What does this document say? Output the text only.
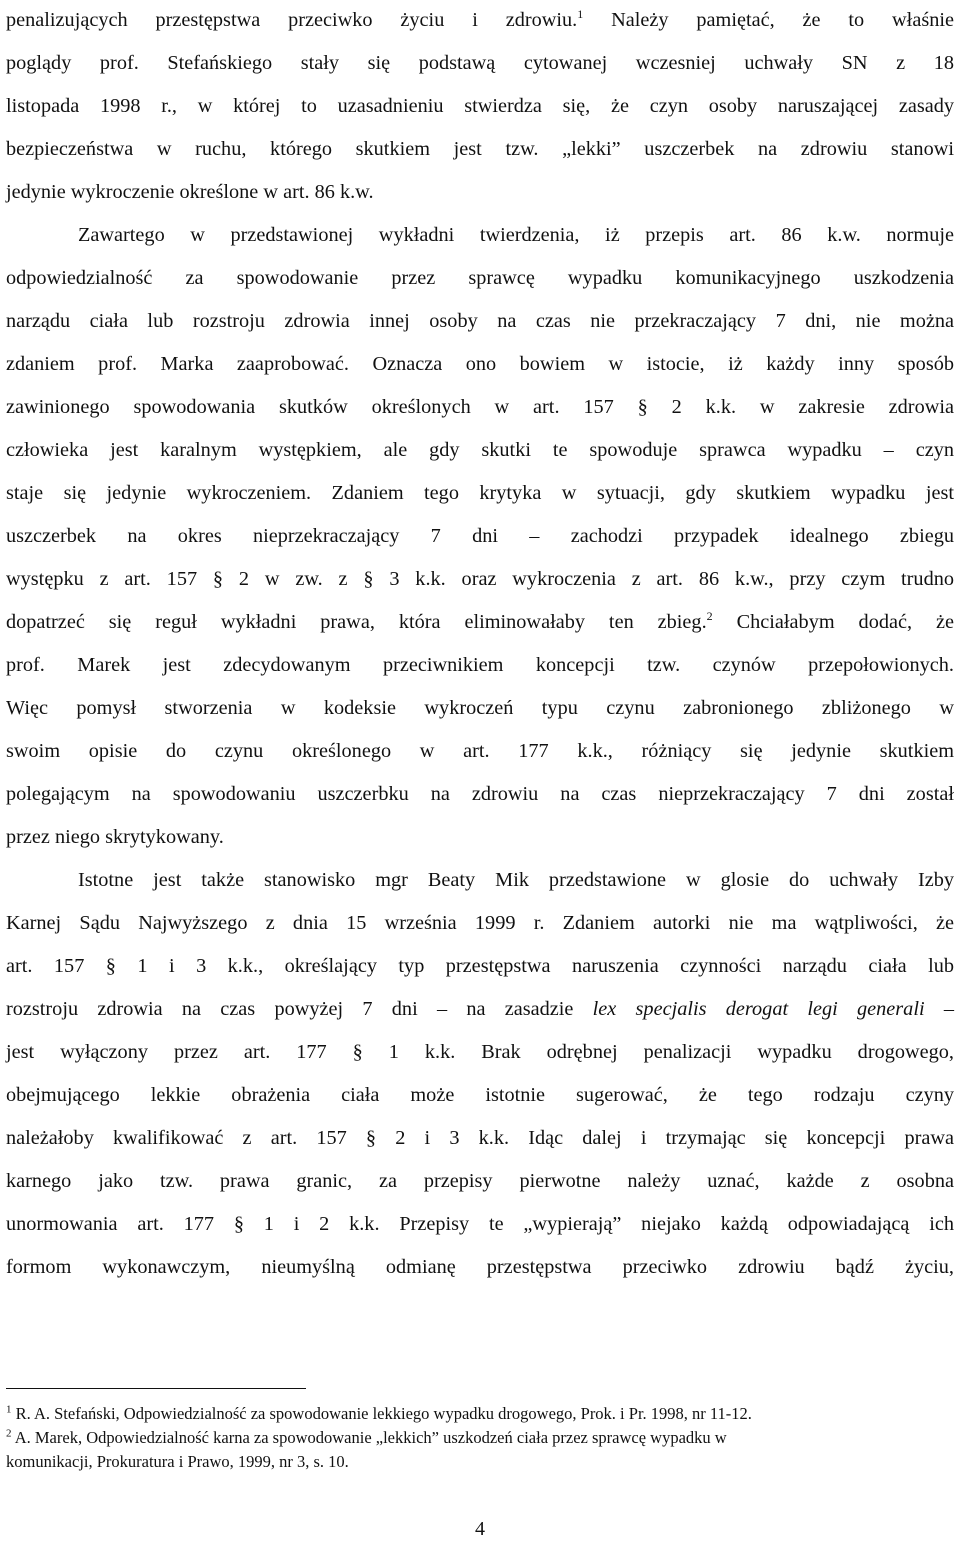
penalizujących przestępstwa przeciwko życiu i zdrowiu.$^1$ Należy pamiętać, że to właśnie
poglądy prof. Stefańskiego stały się podstawą cytowanej wczesniej uchwały SN z 18
listopada 1998 r., w której to uzasadnieniu stwierdza się, że czyn osoby naruszającej zasady
bezpieczeństwa w ruchu, którego skutkiem jest tzw. „lekki” uszczerbek na zdrowiu stanowi
jedynie wykroczenie określone w art. 86 k.w.
Zawartego w przedstawionej wykładni twierdzenia, iż przepis art. 86 k.w. normuje
odpowiedzialność za spowodowanie przez sprawcę wypadku komunikacyjnego uszkodzenia
narządu ciała lub rozstroju zdrowia innej osoby na czas nie przekraczający 7 dni, nie można
zdaniem prof. Marka zaaprobować. Oznacza ono bowiem w istocie, iż każdy inny sposób
zawinionego spowodowania skutków określonych w art. 157 § 2 k.k. w zakresie zdrowia
człowieka jest karalnym występkiem, ale gdy skutki te spowoduje sprawca wypadku – czyn
staje się jedynie wykroczeniem. Zdaniem tego krytyka w sytuacji, gdy skutkiem wypadku jest
uszczerbek na okres nieprzekraczający 7 dni – zachodzi przypadek idealnego zbiegu
występku z art. 157 § 2 w zw. z § 3 k.k. oraz wykroczenia z art. 86 k.w., przy czym trudno
dopatrzeć się reguł wykładni prawa, która eliminowałaby ten zbieg.$^2$ Chciałabym dodać, że
prof. Marek jest zdecydowanym przeciwnikiem koncepcji tzw. czynów przepołowionych.
Więc pomysł stworzenia w kodeksie wykroczeń typu czynu zabronionego zbliżonego w
swoim opisie do czynu określonego w art. 177 k.k., różniący się jedynie skutkiem
polegającym na spowodowaniu uszczerbku na zdrowiu na czas nieprzekraczający 7 dni został
przez niego skrytykowany.
Istotne jest także stanowisko mgr Beaty Mik przedstawione w glosie do uchwały Izby
Karnej Sądu Najwyższego z dnia 15 września 1999 r. Zdaniem autorki nie ma wątpliwości, że
art. 157 § 1 i 3 k.k., określający typ przestępstwa naruszenia czynności narządu ciała lub
rozstroju zdrowia na czas powyżej 7 dni – na zasadzie lex specjalis derogat legi generali –
jest wyłączony przez art. 177 § 1 k.k. Brak odrębnej penalizacji wypadku drogowego,
obejmującego lekkie obrażenia ciała może istotnie sugerować, że tego rodzaju czyny
należałoby kwalifikować z art. 157 § 2 i 3 k.k. Idąc dalej i trzymając się koncepcji prawa
karnego jako tzw. prawa granic, za przepisy pierwotne należy uznać, każde z osobna
unormowania art. 177 § 1 i 2 k.k. Przepisy te „wypierają” niejako każdą odpowiadającą ich
formom wykonawczym, nieumyślną odmianę przestępstwa przeciwko zdrowiu bądź życiu,
$^1$ R. A. Stefański, Odpowiedzialność za spowodowanie lekkiego wypadku drogowego, Prok. i Pr. 1998, nr 11-12.
$^2$ A. Marek, Odpowiedzialność karna za spowodowanie „lekkich” uszkodzeń ciała przez sprawcę wypadku w
komunikacji, Prokuratura i Prawo, 1999, nr 3, s. 10.
4
